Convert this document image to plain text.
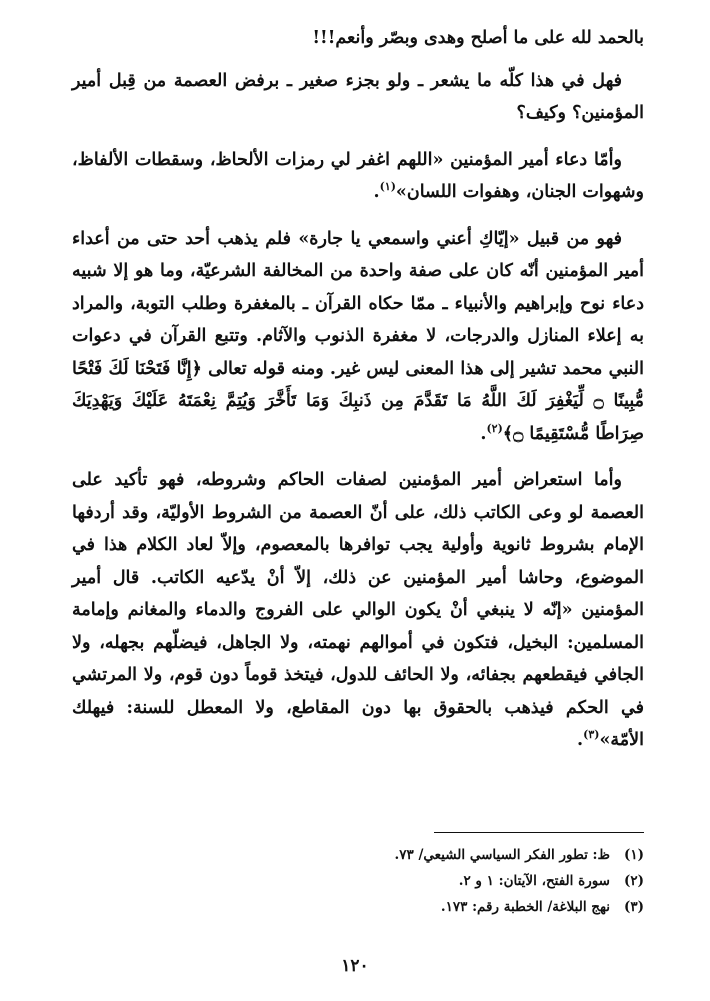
بالحمد لله على ما أصلح وهدى وبصّر وأنعم!!!

فهل في هذا كلّه ما يشعر ـ ولو بجزء صغير ـ برفض العصمة من قِبل أمير المؤمنين؟ وكيف؟

وأمّا دعاء أمير المؤمنين «اللهم اغفر لي رمزات الألحاظ، وسقطات الألفاظ، وشهوات الجنان، وهفوات اللسان»$^{(١)}$.

فهو من قبيل «إيّاكِ أعني واسمعي يا جارة» فلم يذهب أحد حتى من أعداء أمير المؤمنين أنّه كان على صفة واحدة من المخالفة الشرعيّة، وما هو إلا شبيه دعاء نوح وإبراهيم والأنبياء ـ ممّا حكاه القرآن ـ بالمغفرة وطلب التوبة، والمراد به إعلاء المنازل والدرجات، لا مغفرة الذنوب والآثام. وتتبع القرآن في دعوات النبي محمد تشير إلى هذا المعنى ليس غير. ومنه قوله تعالى ﴿إِنَّا فَتَحْنَا لَكَ فَتْحًا مُّبِينًا ۝ لِّيَغْفِرَ لَكَ اللَّهُ مَا تَقَدَّمَ مِن ذَنبِكَ وَمَا تَأَخَّرَ وَيُتِمَّ نِعْمَتَهُ عَلَيْكَ وَيَهْدِيَكَ صِرَاطًا مُّسْتَقِيمًا ۝﴾$^{(٢)}$.

وأما استعراض أمير المؤمنين لصفات الحاكم وشروطه، فهو تأكيد على العصمة لو وعى الكاتب ذلك، على أنّ العصمة من الشروط الأوليّة، وقد أردفها الإمام بشروط ثانوية وأولية يجب توافرها بالمعصوم، وإلاّ لعاد الكلام هذا في الموضوع، وحاشا أمير المؤمنين عن ذلك، إلاّ أنْ يدّعيه الكاتب. قال أمير المؤمنين «إنّه لا ينبغي أنْ يكون الوالي على الفروج والدماء والمغانم وإمامة المسلمين: البخيل، فتكون في أموالهم نهمته، ولا الجاهل، فيضلّهم بجهله، ولا الجافي فيقطعهم بجفائه، ولا الحائف للدول، فيتخذ قوماً دون قوم، ولا المرتشي في الحكم فيذهب بالحقوق بها دون المقاطع، ولا المعطل للسنة: فيهلك الأمّة»$^{(٣)}$.

(١)ظ: تطور الفكر السياسي الشيعي/ ٧٣.
(٢)سورة الفتح، الآيتان: ١ و ٢.
(٣)نهج البلاغة/ الخطبة رقم: ١٧٣.
١٢٠
